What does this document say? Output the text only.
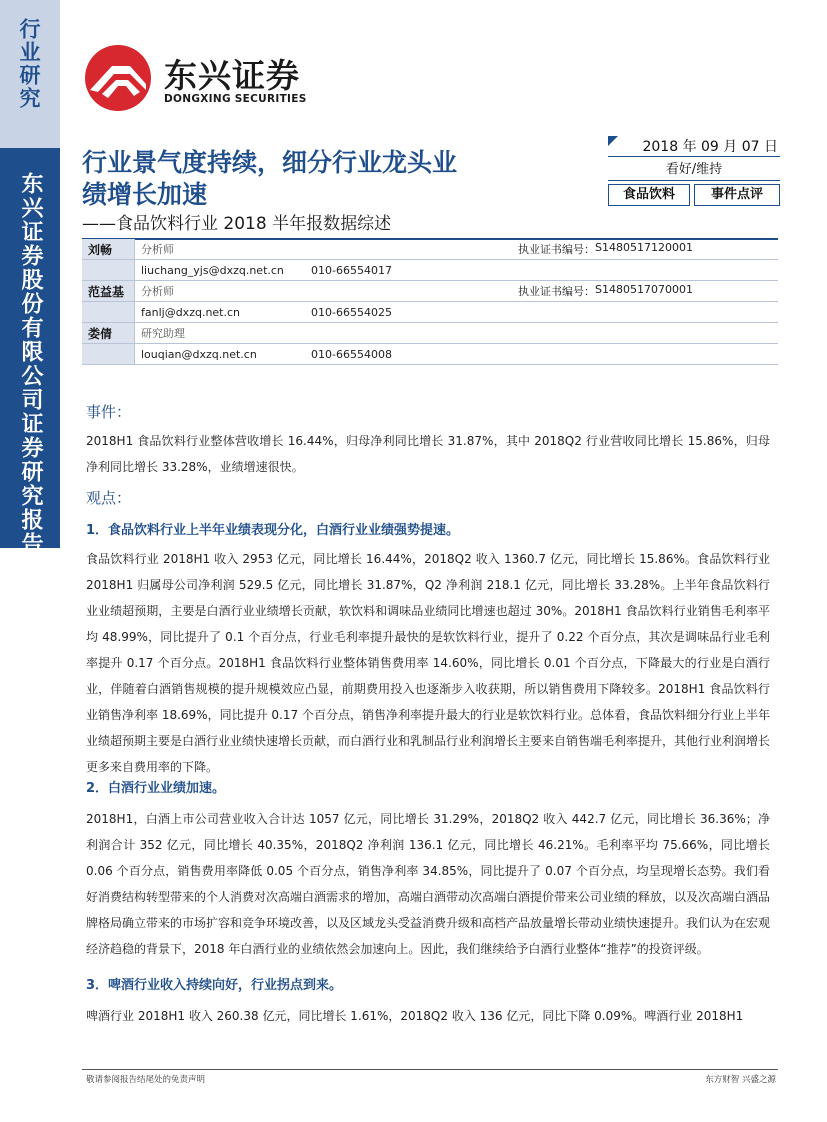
行业研究
东兴证券股份有限公司证券研究报告
东兴证券
DONGXING SECURITIES
行业景气度持续，细分行业龙头业
绩增长加速
——食品饮料行业 2018 半年报数据综述
2018 年 09 月 07 日
看好/维持
食品饮料	事件点评
刘畅	分析师 执业证书编号： S1480517120001

	liuchang_yjs@dxzq.net.cn 010-66554017

范益基	分析师 执业证书编号： S1480517070001

	fanlj@dxzq.net.cn 010-66554025

娄倩	研究助理

	louqian@dxzq.net.cn 010-66554008
事件：
2018H1 食品饮料行业整体营收增长 16.44%，归母净利同比增长 31.87%，其中 2018Q2 行业营收同比增长 15.86%，归母净利同比增长 33.28%，业绩增速很快。
观点：
1．食品饮料行业上半年业绩表现分化，白酒行业业绩强势提速。
食品饮料行业 2018H1 收入 2953 亿元，同比增长 16.44%，2018Q2 收入 1360.7 亿元，同比增长 15.86%。食品饮料行业 2018H1 归属母公司净利润 529.5 亿元，同比增长 31.87%，Q2 净利润 218.1 亿元，同比增长 33.28%。上半年食品饮料行业业绩超预期，主要是白酒行业业绩增长贡献，软饮料和调味品业绩同比增速也超过 30%。2018H1 食品饮料行业销售毛利率平均 48.99%，同比提升了 0.1 个百分点，行业毛利率提升最快的是软饮料行业，提升了 0.22 个百分点，其次是调味品行业毛利率提升 0.17 个百分点。2018H1 食品饮料行业整体销售费用率 14.60%，同比增长 0.01 个百分点，下降最大的行业是白酒行业，伴随着白酒销售规模的提升规模效应凸显，前期费用投入也逐渐步入收获期，所以销售费用下降较多。2018H1 食品饮料行业销售净利率 18.69%，同比提升 0.17 个百分点，销售净利率提升最大的行业是软饮料行业。总体看，食品饮料细分行业上半年业绩超预期主要是白酒行业业绩快速增长贡献，而白酒行业和乳制品行业利润增长主要来自销售端毛利率提升，其他行业利润增长更多来自费用率的下降。
2．白酒行业业绩加速。
2018H1，白酒上市公司营业收入合计达 1057 亿元，同比增长 31.29%，2018Q2 收入 442.7 亿元，同比增长 36.36%；净利润合计 352 亿元，同比增长 40.35%，2018Q2 净利润 136.1 亿元，同比增长 46.21%。毛利率平均 75.66%，同比增长 0.06 个百分点，销售费用率降低 0.05 个百分点，销售净利率 34.85%，同比提升了 0.07 个百分点，均呈现增长态势。我们看好消费结构转型带来的个人消费对次高端白酒需求的增加，高端白酒带动次高端白酒提价带来公司业绩的释放，以及次高端白酒品牌格局确立带来的市场扩容和竞争环境改善，以及区域龙头受益消费升级和高档产品放量增长带动业绩快速提升。我们认为在宏观经济趋稳的背景下，2018 年白酒行业的业绩依然会加速向上。因此，我们继续给予白酒行业整体“推荐”的投资评级。
3．啤酒行业收入持续向好，行业拐点到来。
啤酒行业 2018H1 收入 260.38 亿元，同比增长 1.61%，2018Q2 收入 136 亿元，同比下降 0.09%。啤酒行业 2018H1
敬请参阅报告结尾处的免责声明	东方财智 兴盛之源
